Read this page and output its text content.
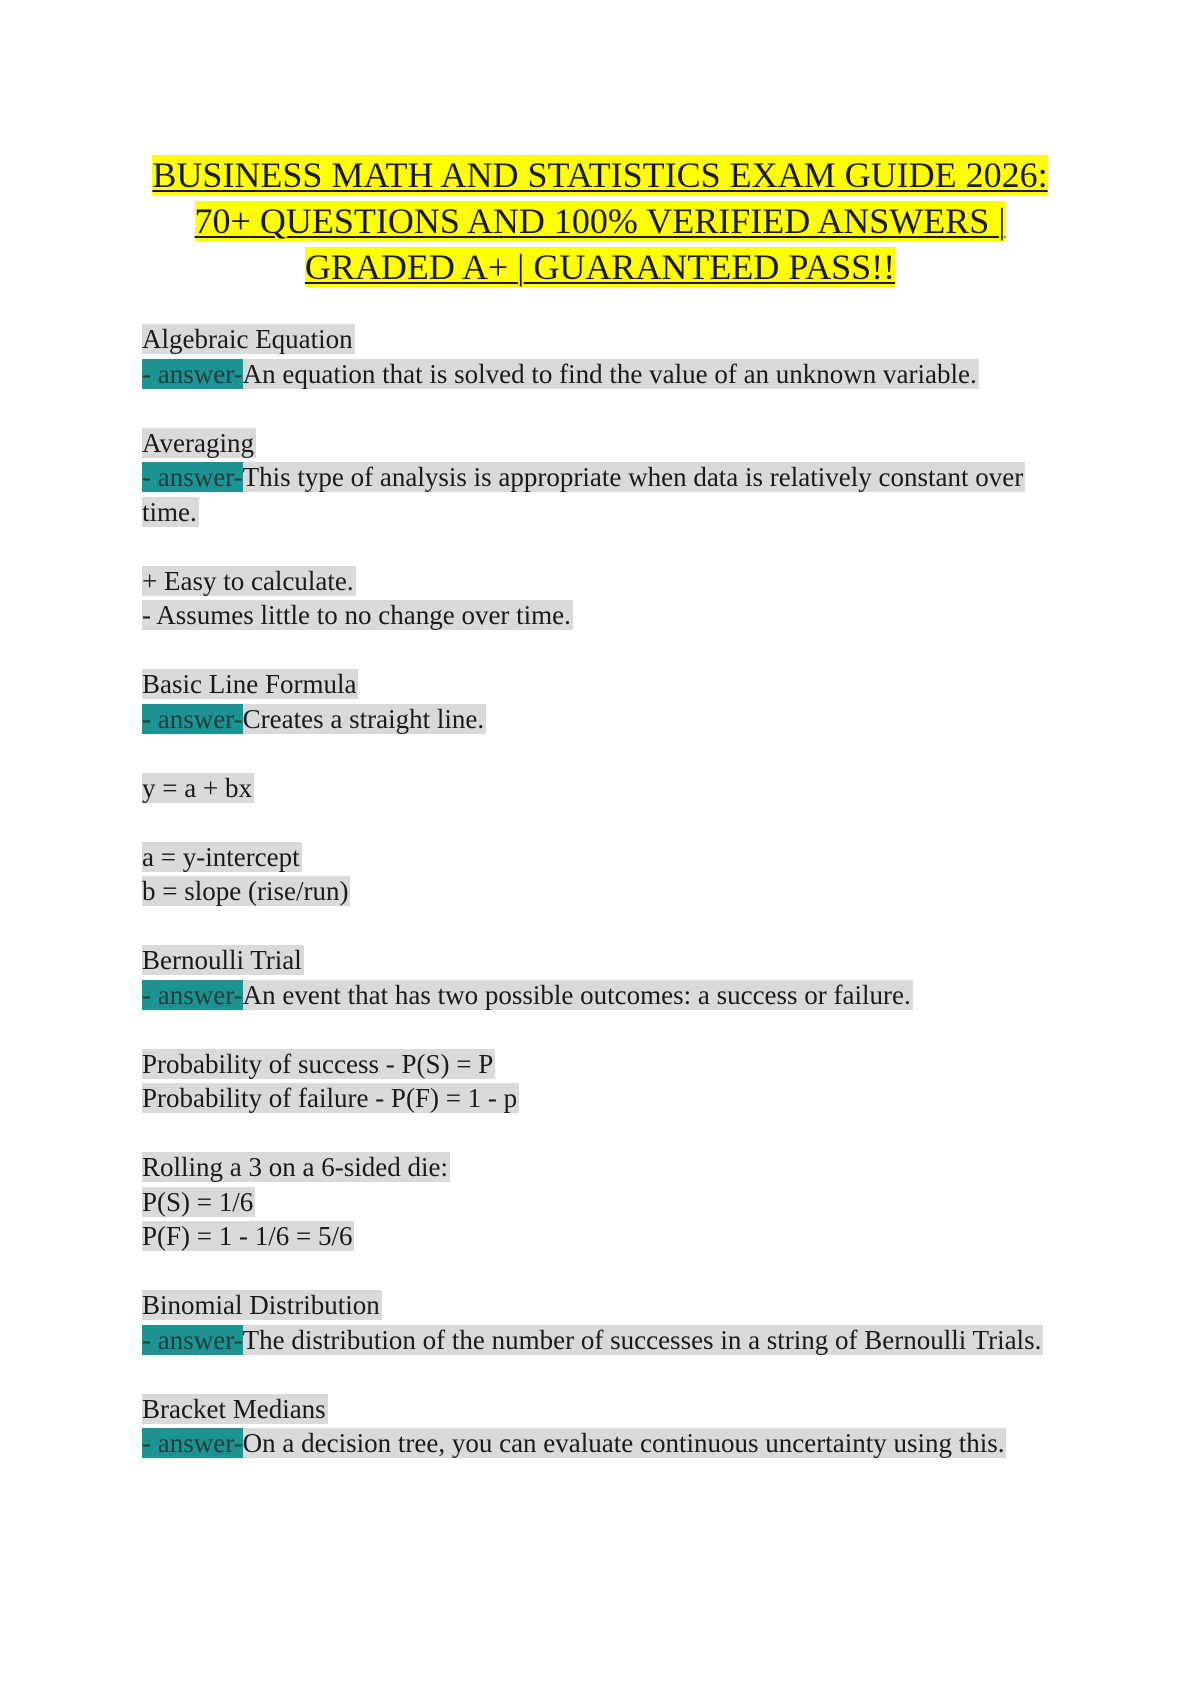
BUSINESS MATH AND STATISTICS EXAM GUIDE 2026:
70+ QUESTIONS AND 100% VERIFIED ANSWERS |
GRADED A+ | GUARANTEED PASS!!
Algebraic Equation
- answer-An equation that is solved to find the value of an unknown variable.
Averaging
- answer-This type of analysis is appropriate when data is relatively constant over
time.
+ Easy to calculate.
- Assumes little to no change over time.
Basic Line Formula
- answer-Creates a straight line.
y = a + bx
a = y-intercept
b = slope (rise/run)
Bernoulli Trial
- answer-An event that has two possible outcomes: a success or failure.
Probability of success - P(S) = P
Probability of failure - P(F) = 1 - p
Rolling a 3 on a 6-sided die:
P(S) = 1/6
P(F) = 1 - 1/6 = 5/6
Binomial Distribution
- answer-The distribution of the number of successes in a string of Bernoulli Trials.
Bracket Medians
- answer-On a decision tree, you can evaluate continuous uncertainty using this.
